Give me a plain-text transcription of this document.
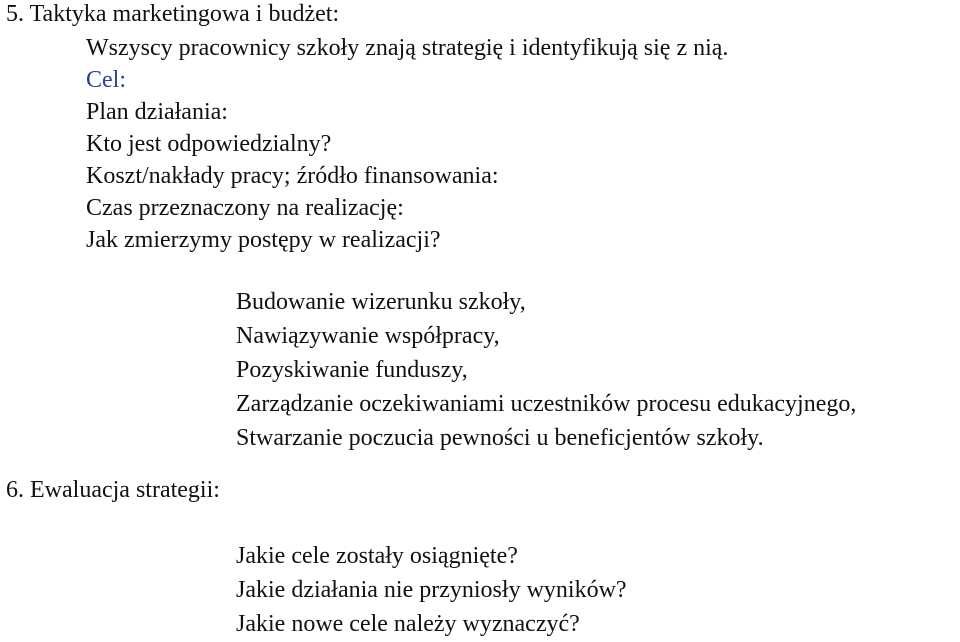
5. Taktyka marketingowa i budżet:
Wszyscy pracownicy szkoły znają strategię i identyfikują się z nią.
Cel:
Plan działania:
Kto jest odpowiedzialny?
Koszt/nakłady pracy; źródło finansowania:
Czas przeznaczony na realizację:
Jak zmierzymy postępy w realizacji?
Budowanie wizerunku szkoły,
Nawiązywanie współpracy,
Pozyskiwanie funduszy,
Zarządzanie oczekiwaniami uczestników procesu edukacyjnego,
Stwarzanie poczucia pewności u beneficjentów szkoły.
6. Ewaluacja strategii:
Jakie cele zostały osiągnięte?
Jakie działania nie przyniosły wyników?
Jakie nowe cele należy wyznaczyć?
